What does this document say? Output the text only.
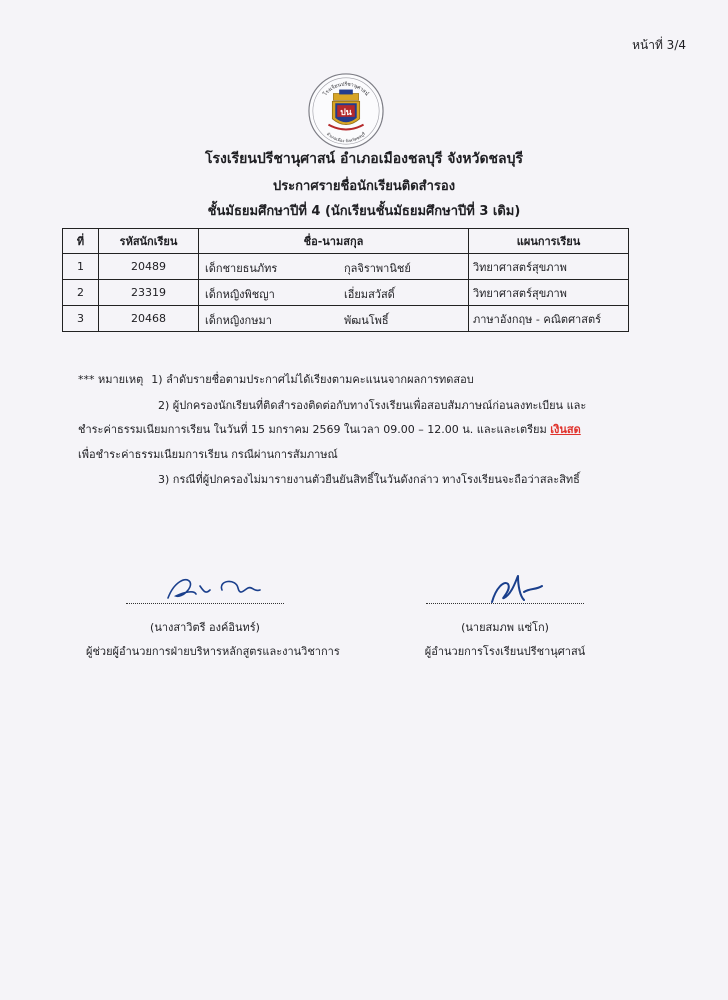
หน้าที่ 3/4
โรงเรียนปรีชานุศาสน์
อำเภอเมือง จังหวัดชลบุรี
ปน
โรงเรียนปรีชานุศาสน์ อำเภอเมืองชลบุรี จังหวัดชลบุรี
ประกาศรายชื่อนักเรียนติดสำรอง
ชั้นมัธยมศึกษาปีที่ 4 (นักเรียนชั้นมัธยมศึกษาปีที่ 3 เดิม)
ที่	รหัสนักเรียน	ชื่อ-นามสกุล	แผนการเรียน
1	20489	เด็กชายธนภัทร กุลจิราพานิชย์	วิทยาศาสตร์สุขภาพ
2	23319	เด็กหญิงพิชญา เอี่ยมสวัสดิ์	วิทยาศาสตร์สุขภาพ
3	20468	เด็กหญิงกษมา พัฒนโพธิ์	ภาษาอังกฤษ - คณิตศาสตร์
*** หมายเหตุ 1) ลำดับรายชื่อตามประกาศไม่ได้เรียงตามคะแนนจากผลการทดสอบ
2) ผู้ปกครองนักเรียนที่ติดสำรองติดต่อกับทางโรงเรียนเพื่อสอบสัมภาษณ์ก่อนลงทะเบียน และ
ชำระค่าธรรมเนียมการเรียน ในวันที่ 15 มกราคม 2569 ในเวลา 09.00 – 12.00 น. และและเตรียม เงินสด
เพื่อชำระค่าธรรมเนียมการเรียน กรณีผ่านการสัมภาษณ์
3) กรณีที่ผู้ปกครองไม่มารายงานตัวยืนยันสิทธิ์ในวันดังกล่าว ทางโรงเรียนจะถือว่าสละสิทธิ์
(นางสาวิตรี องค์อินทร์)
ผู้ช่วยผู้อำนวยการฝ่ายบริหารหลักสูตรและงานวิชาการ
(นายสมภพ แซ่โก)
ผู้อำนวยการโรงเรียนปรีชานุศาสน์
